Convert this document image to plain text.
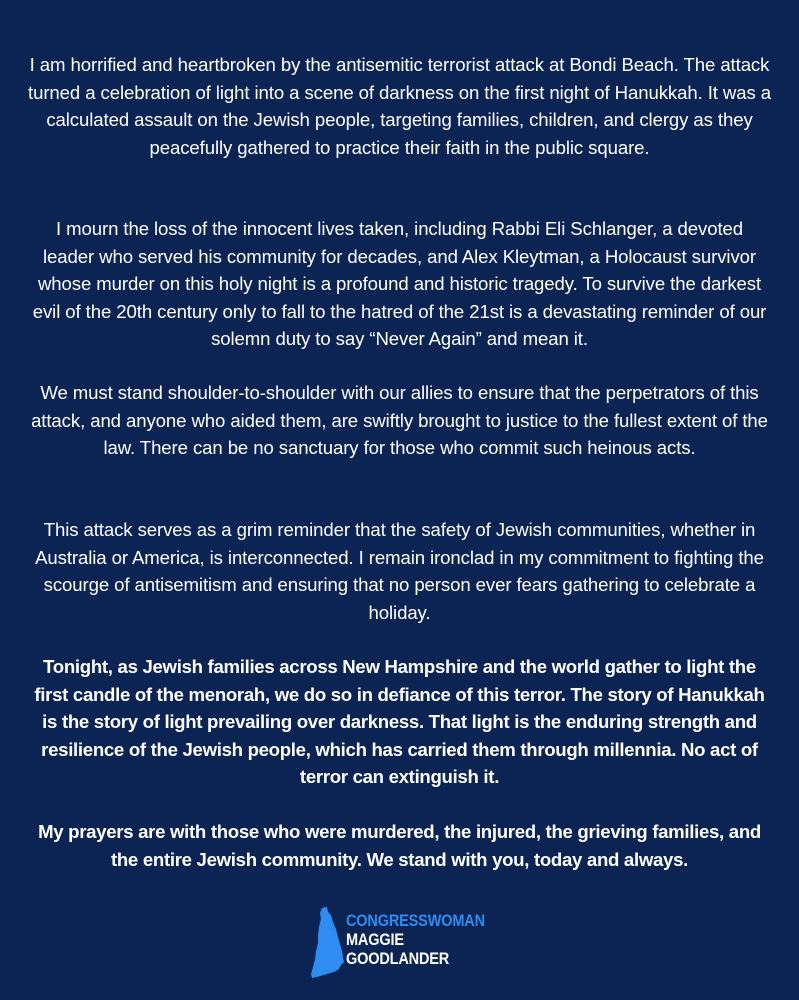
I am horrified and heartbroken by the antisemitic terrorist attack at Bondi Beach. The attack turned a celebration of light into a scene of darkness on the first night of Hanukkah. It was a calculated assault on the Jewish people, targeting families, children, and clergy as they peacefully gathered to practice their faith in the public square.

I mourn the loss of the innocent lives taken, including Rabbi Eli Schlanger, a devoted leader who served his community for decades, and Alex Kleytman, a Holocaust survivor whose murder on this holy night is a profound and historic tragedy. To survive the darkest evil of the 20th century only to fall to the hatred of the 21st is a devastating reminder of our solemn duty to say “Never Again” and mean it.

We must stand shoulder-to-shoulder with our allies to ensure that the perpetrators of this attack, and anyone who aided them, are swiftly brought to justice to the fullest extent of the law. There can be no sanctuary for those who commit such heinous acts.

This attack serves as a grim reminder that the safety of Jewish communities, whether in Australia or America, is interconnected. I remain ironclad in my commitment to fighting the scourge of antisemitism and ensuring that no person ever fears gathering to celebrate a holiday.

Tonight, as Jewish families across New Hampshire and the world gather to light the first candle of the menorah, we do so in defiance of this terror. The story of Hanukkah is the story of light prevailing over darkness. That light is the enduring strength and resilience of the Jewish people, which has carried them through millennia. No act of terror can extinguish it.

My prayers are with those who were murdered, the injured, the grieving families, and the entire Jewish community. We stand with you, today and always.

CONGRESSWOMAN
MAGGIE
GOODLANDER
